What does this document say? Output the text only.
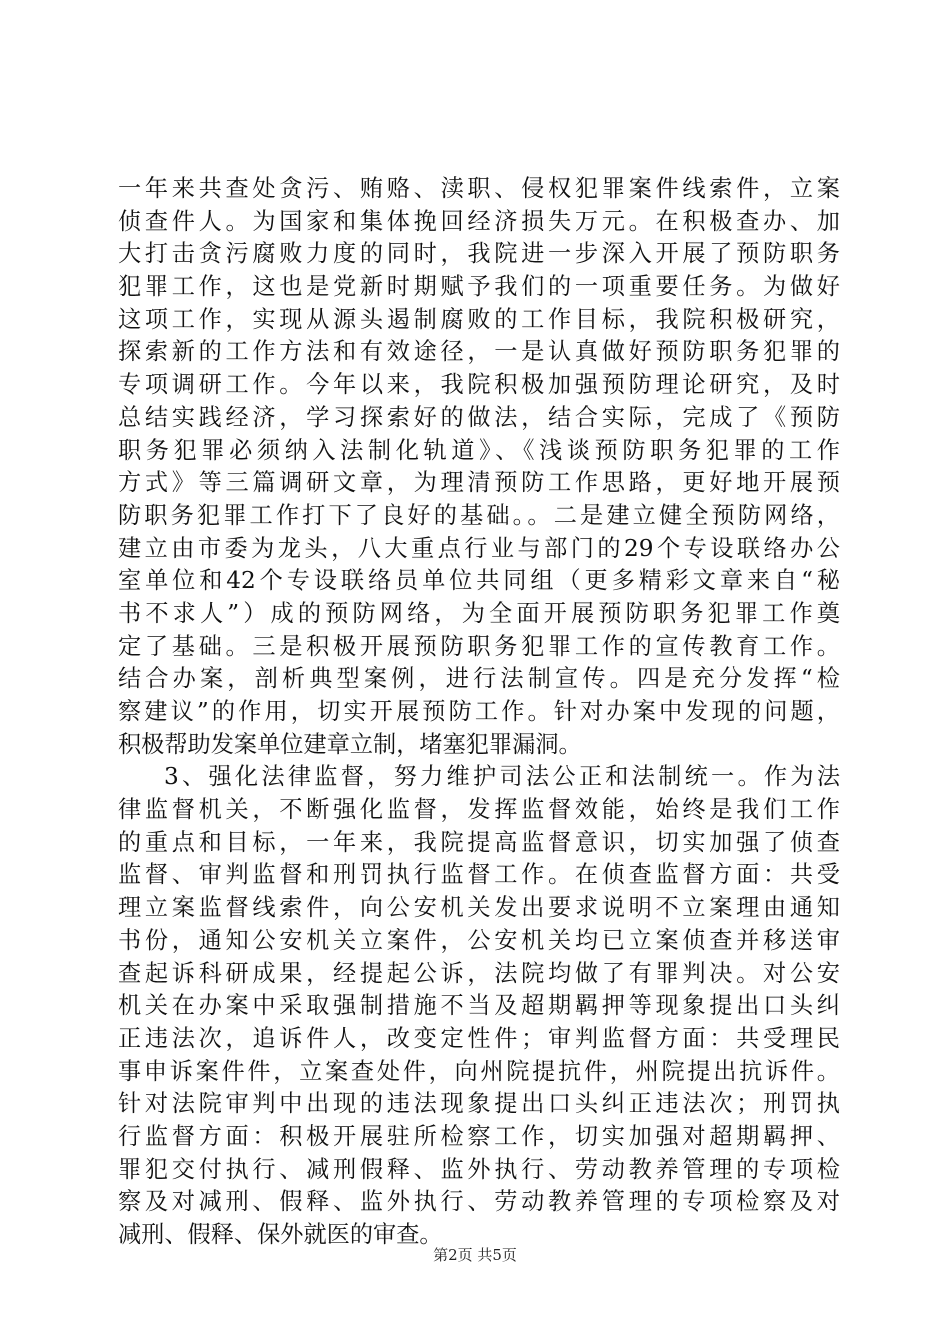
一年来共查处贪污、贿赂、渎职、侵权犯罪案件线索件，立案
侦查件人。为国家和集体挽回经济损失万元。在积极查办、加
大打击贪污腐败力度的同时，我院进一步深入开展了预防职务
犯罪工作，这也是党新时期赋予我们的一项重要任务。为做好
这项工作，实现从源头遏制腐败的工作目标，我院积极研究，
探索新的工作方法和有效途径，一是认真做好预防职务犯罪的
专项调研工作。今年以来，我院积极加强预防理论研究，及时
总结实践经济，学习探索好的做法，结合实际，完成了《预防
职务犯罪必须纳入法制化轨道》、《浅谈预防职务犯罪的工作
方式》等三篇调研文章，为理清预防工作思路，更好地开展预
防职务犯罪工作打下了良好的基础。。二是建立健全预防网络，
建立由市委为龙头，八大重点行业与部门的29个专设联络办公
室单位和42个专设联络员单位共同组（更多精彩文章来自“秘
书不求人”）成的预防网络，为全面开展预防职务犯罪工作奠
定了基础。三是积极开展预防职务犯罪工作的宣传教育工作。
结合办案，剖析典型案例，进行法制宣传。四是充分发挥“检
察建议”的作用，切实开展预防工作。针对办案中发现的问题，
积极帮助发案单位建章立制，堵塞犯罪漏洞。
3、强化法律监督，努力维护司法公正和法制统一。作为法
律监督机关，不断强化监督，发挥监督效能，始终是我们工作
的重点和目标，一年来，我院提高监督意识，切实加强了侦查
监督、审判监督和刑罚执行监督工作。在侦查监督方面：共受
理立案监督线索件，向公安机关发出要求说明不立案理由通知
书份，通知公安机关立案件，公安机关均已立案侦查并移送审
查起诉科研成果，经提起公诉，法院均做了有罪判决。对公安
机关在办案中采取强制措施不当及超期羁押等现象提出口头纠
正违法次，追诉件人，改变定性件；审判监督方面：共受理民
事申诉案件件，立案查处件，向州院提抗件，州院提出抗诉件。
针对法院审判中出现的违法现象提出口头纠正违法次；刑罚执
行监督方面：积极开展驻所检察工作，切实加强对超期羁押、
罪犯交付执行、减刑假释、监外执行、劳动教养管理的专项检
察及对减刑、假释、监外执行、劳动教养管理的专项检察及对
减刑、假释、保外就医的审查。
第2页 共5页
